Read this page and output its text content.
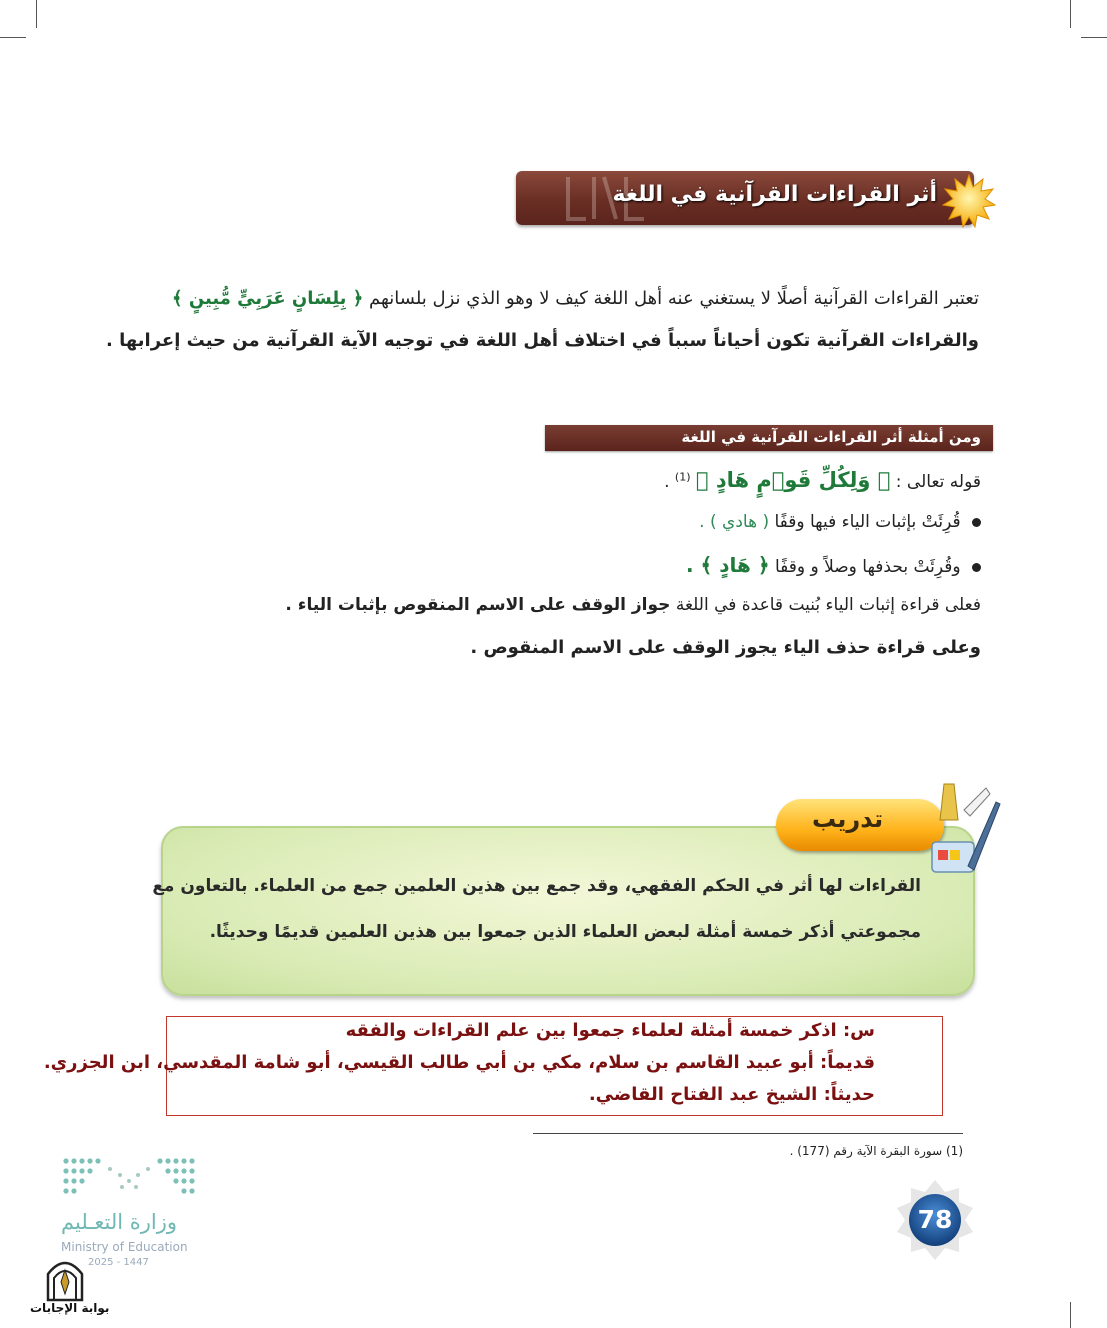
أثر القراءات القرآنية في اللغة
تعتبر القراءات القرآنية أصلًا لا يستغني عنه أهل اللغة كيف لا وهو الذي نزل بلسانهم ﴿ بِلِسَانٍ عَرَبِيٍّ مُّبِينٍ ﴾
والقراءات القرآنية تكون أحياناً سبباً في اختلاف أهل اللغة في توجيه الآية القرآنية من حيث إعرابها .
ومن أمثلة أثر القراءات القرآنية في اللغة
قوله تعالى : ﴿ وَلِكُلِّ قَوۡمٍ هَادٍ ﴾ $^{(1)}$ .
قُرِئَتْ بإثبات الياء فيها وقفًا ( هادي ) .
وقُرِئَتْ بحذفها وصلاً و وقفًا ﴿ هَادٍ ﴾ .
فعلى قراءة إثبات الياء بُنيت قاعدة في اللغة جواز الوقف على الاسم المنقوص بإثبات الياء .
وعلى قراءة حذف الياء يجوز الوقف على الاسم المنقوص .
تدريب
القراءات لها أثر في الحكم الفقهي، وقد جمع بين هذين العلمين جمع من العلماء. بالتعاون مع
مجموعتي أذكر خمسة أمثلة لبعض العلماء الذين جمعوا بين هذين العلمين قديمًا وحديثًا.
س: اذكر خمسة أمثلة لعلماء جمعوا بين علم القراءات والفقه
قديماً: أبو عبيد القاسم بن سلام، مكي بن أبي طالب القيسي، أبو شامة المقدسي، ابن الجزري.
حديثاً: الشيخ عبد الفتاح القاضي.
(1) سورة البقرة الآية رقم (177) .
78
وزارة التعـليم
Ministry of Education
2025 - 1447
بوابة الإجابات
